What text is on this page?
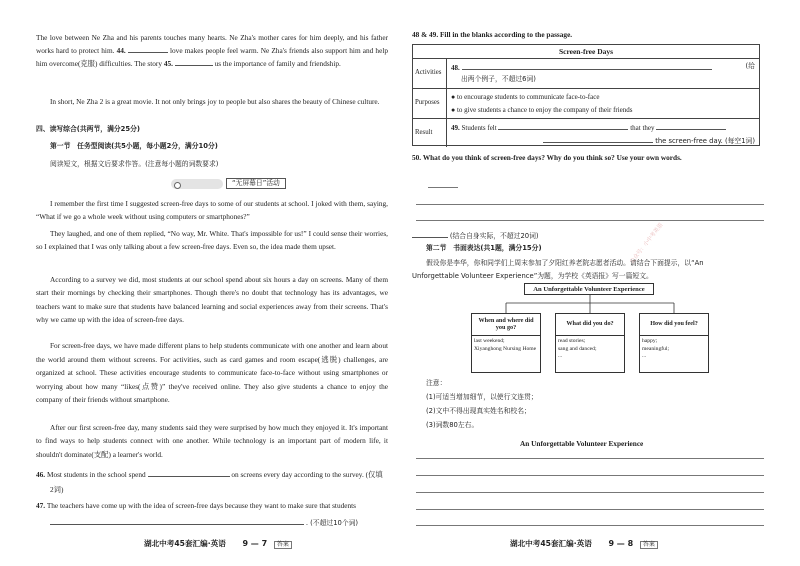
The love between Ne Zha and his parents touches many hearts. Ne Zha's mother cares for him deeply, and his father works hard to protect him. 44.	love makes people feel warm. Ne Zha's friends also support him and help him overcome(克服) difficulties. The story 45.	us the importance of family and friendship.
In short, Ne Zha 2 is a great movie. It not only brings joy to people but also shares the beauty of Chinese culture.
四、读写综合(共两节，满分25分)
第一节　任务型阅读(共5小题，每小题2分，满分10分)
阅读短文，根据文后要求作答。(注意每小题的词数要求)
“无屏幕日”活动
I remember the first time I suggested screen-free days to some of our students at school. I joked with them, saying, “What if we go a whole week without using computers or smartphones?”
They laughed, and one of them replied, “No way, Mr. White. That's impossible for us!” I could sense their worries, so I explained that I was only talking about a few screen-free days. Even so, the idea made them upset.
According to a survey we did, most students at our school spend about six hours a day on screens. Many of them start their mornings by checking their smartphones. Though there's no doubt that technology has its advantages, we teachers want to make sure that students have balanced learning and social experiences away from their screens. That's why we came up with the idea of screen-free days.
For screen-free days, we have made different plans to help students communicate with one another and learn about the world around them without screens. For activities, such as card games and room escape(逃脱) challenges, are organized at school. These activities encourage students to communicate face-to-face without using smartphones or worrying about how many “likes(点赞)” they've received online. They also give students a chance to enjoy the company of their friends without smartphone.
After our first screen-free day, many students said they were surprised by how much they enjoyed it. It's important to find ways to help students connect with one another. While technology is an important part of modern life, it shouldn't dominate(支配) a learner's world.
46. Most students in the school spend	on screens every day according to the survey. (仅填
2词)
47. The teachers have come up with the idea of screen-free days because they want to make sure that students
. (不超过10个词)
湖北中考45套汇编·英语 9 — 7 答案
48 & 49. Fill in the blanks according to the passage.
Screen-free Days
Activities
48.	(给
出两个例子，不超过6词)
Purposes
● to encourage students to communicate face-to-face
● to give students a chance to enjoy the company of their friends
Result
49. Students felt	that they
the screen-free day. (每空1词)
50. What do you think of screen-free days? Why do you think so? Use your own words.
(结合自身实际，不超过20词)
第二节　书面表达(共1题，满分15分)
假设你是李华，你和同学们上周末参加了夕阳红养老院志愿者活动。请结合下面提示，以“An
Unforgettable Volunteer Experience”为题，为学校《英语报》写一篇短文。
An Unforgettable Volunteer Experience
When and where did you go?
last weekend;
Xiyanghong Nursing Home
What did you do?
read stories;
sang and danced;
...
How did you feel?
happy;
meaningful;
...
注意：
(1)可适当增加细节，以使行文连贯；
(2)文中不得出现真实姓名和校名；
(3)词数80左右。
An Unforgettable Volunteer Experience
湖北中考45套汇编·英语 9 — 8 答案
公众号：小中考英语
